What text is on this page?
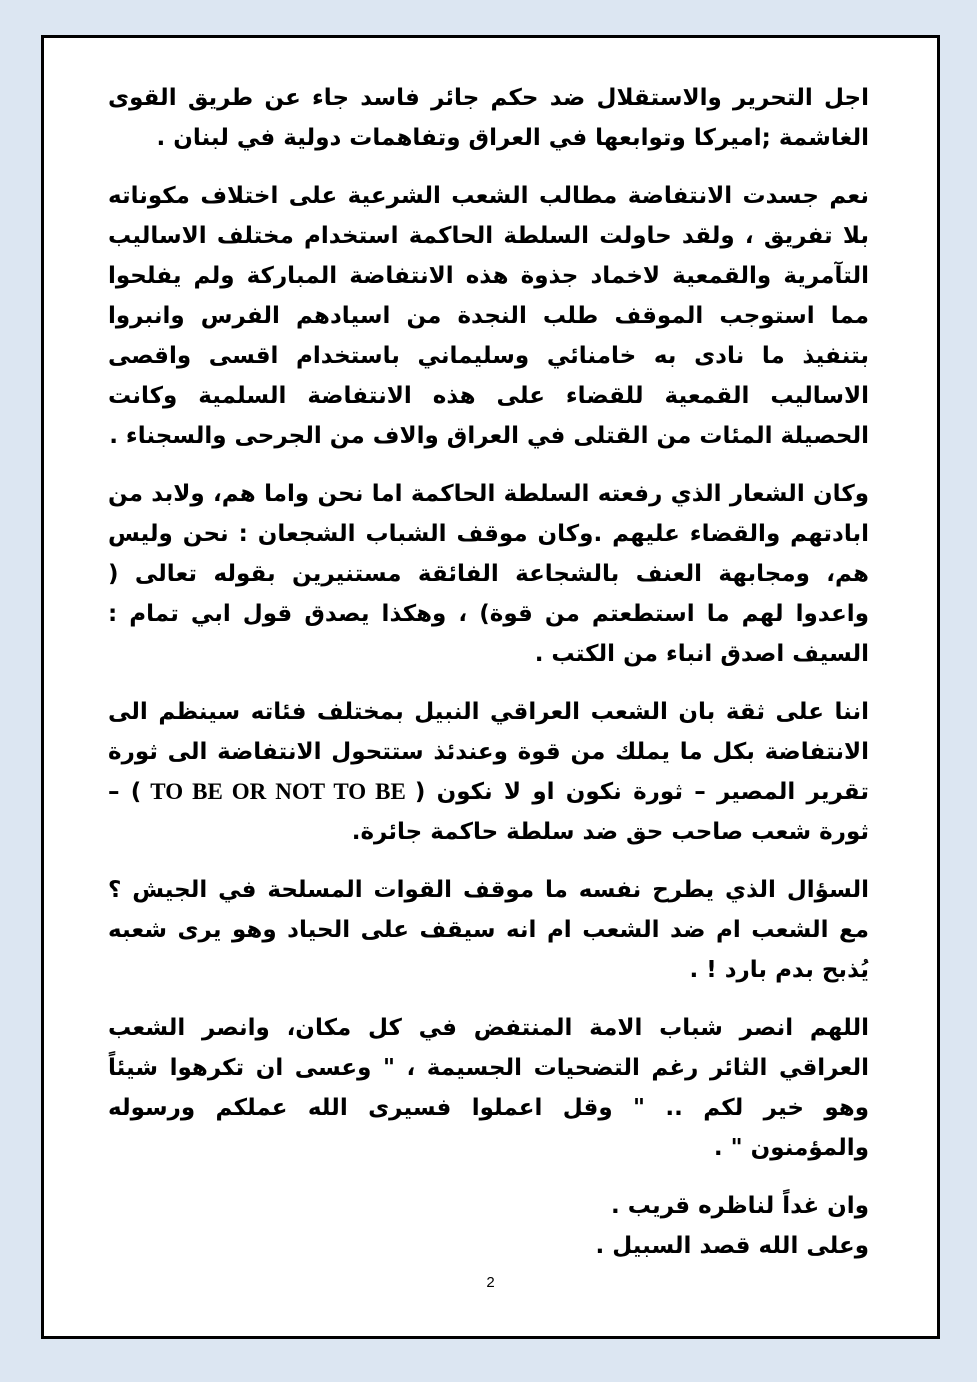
اجل التحرير والاستقلال ضد حكم جائر فاسد جاء عن طريق القوى الغاشمة ;اميركا وتوابعها في العراق وتفاهمات دولية في لبنان .

نعم جسدت الانتفاضة مطالب الشعب الشرعية على اختلاف مكوناته بلا تفريق ، ولقد حاولت السلطة الحاكمة استخدام مختلف الاساليب التآمرية والقمعية لاخماد جذوة هذه الانتفاضة المباركة ولم يفلحوا مما استوجب الموقف طلب النجدة من اسيادهم الفرس وانبروا بتنفيذ ما نادى به خامنائي وسليماني باستخدام اقسى واقصى الاساليب القمعية للقضاء على هذه الانتفاضة السلمية وكانت الحصيلة المئات من القتلى في العراق والاف من الجرحى والسجناء .

وكان الشعار الذي رفعته السلطة الحاكمة اما نحن واما هم، ولابد من ابادتهم والقضاء عليهم .وكان موقف الشباب الشجعان : نحن وليس هم، ومجابهة العنف بالشجاعة الفائقة مستنيرين بقوله تعالى ( واعدوا لهم ما استطعتم من قوة) ، وهكذا يصدق قول ابي تمام : السيف اصدق انباء من الكتب .

اننا على ثقة بان الشعب العراقي النبيل بمختلف فئاته سينظم الى الانتفاضة بكل ما يملك من قوة وعندئذ ستتحول الانتفاضة الى ثورة تقرير المصير – ثورة نكون او لا نكون ( TO BE OR NOT TO BE ) – ثورة شعب صاحب حق ضد سلطة حاكمة جائرة.

السؤال الذي يطرح نفسه ما موقف القوات المسلحة في الجيش ؟ مع الشعب ام ضد الشعب ام انه سيقف على الحياد وهو يرى شعبه يُذبح بدم بارد ! .

اللهم انصر شباب الامة المنتفض في كل مكان، وانصر الشعب العراقي الثائر رغم التضحيات الجسيمة ، " وعسى ان تكرهوا شيئاً وهو خير لكم .. " وقل اعملوا فسيرى الله عملكم ورسوله والمؤمنون " .

وان غداً لناظره قريب .

وعلى الله قصد السبيل .

2
